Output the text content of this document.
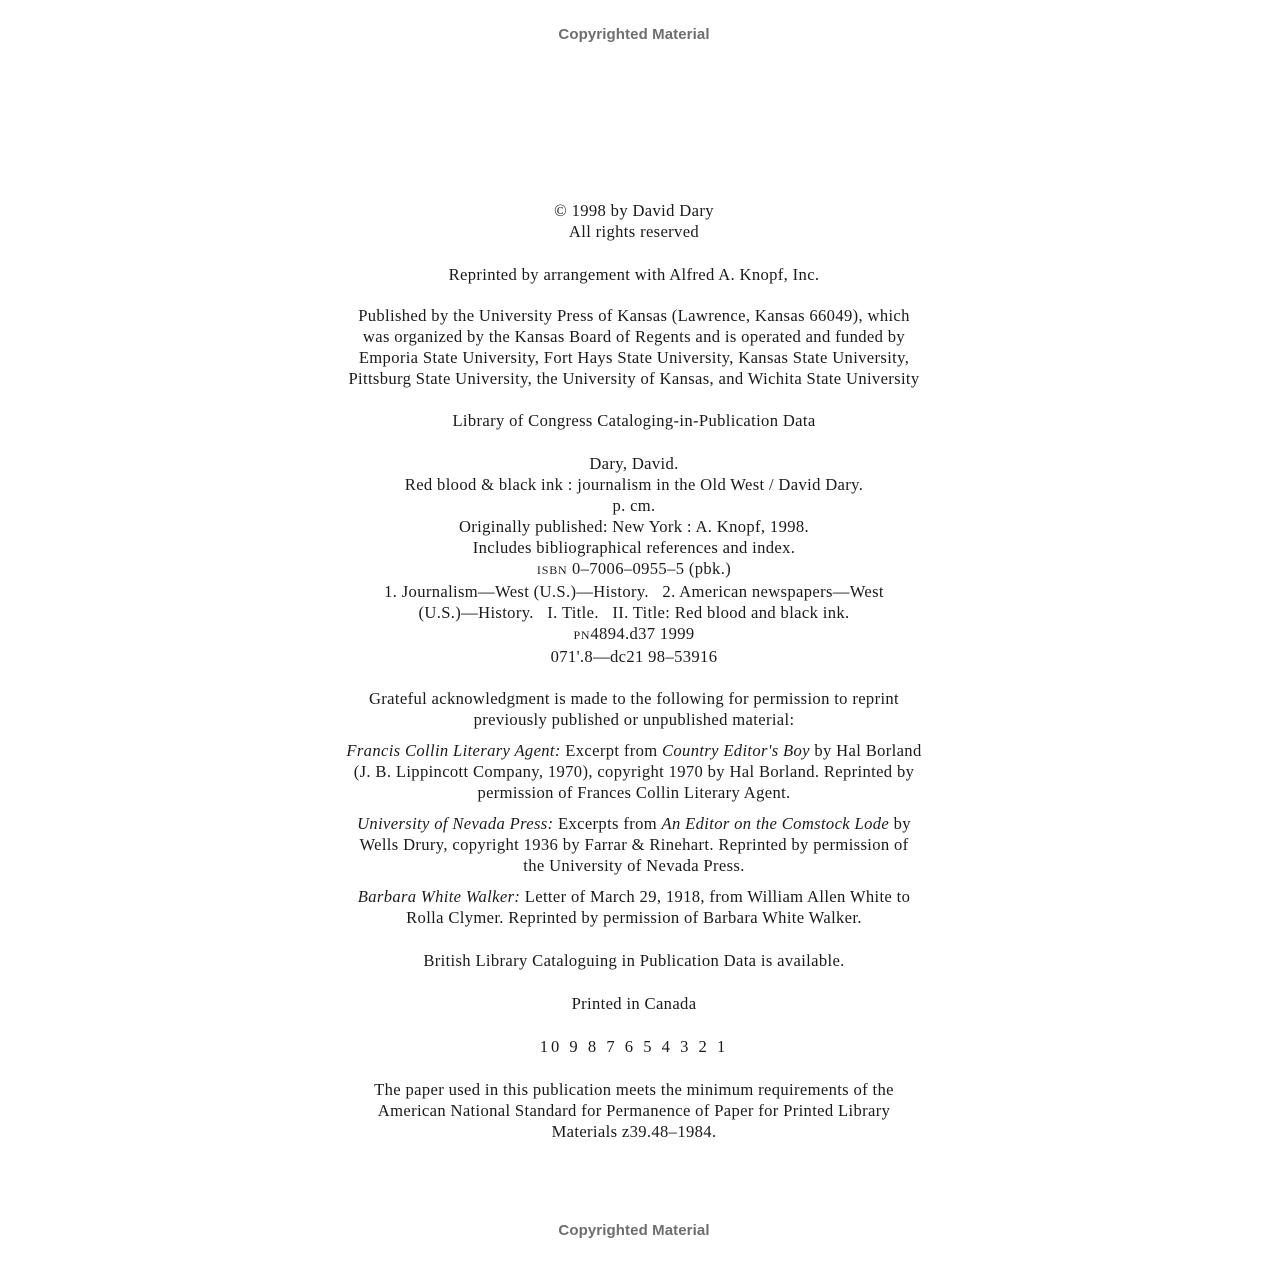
Copyrighted Material
© 1998 by David Dary
All rights reserved
Reprinted by arrangement with Alfred A. Knopf, Inc.
Published by the University Press of Kansas (Lawrence, Kansas 66049), which
was organized by the Kansas Board of Regents and is operated and funded by
Emporia State University, Fort Hays State University, Kansas State University,
Pittsburg State University, the University of Kansas, and Wichita State University
Library of Congress Cataloging-in-Publication Data
Dary, David.
Red blood & black ink : journalism in the Old West / David Dary.
p. cm.
Originally published: New York : A. Knopf, 1998.
Includes bibliographical references and index.
ISBN 0–7006–0955–5 (pbk.)
1. Journalism—West (U.S.)—History.   2. American newspapers—West
(U.S.)—History.   I. Title.   II. Title: Red blood and black ink.
PN4894.d37 1999
071'.8—dc21 98–53916
Grateful acknowledgment is made to the following for permission to reprint
previously published or unpublished material:
Francis Collin Literary Agent: Excerpt from Country Editor's Boy by Hal Borland
(J. B. Lippincott Company, 1970), copyright 1970 by Hal Borland. Reprinted by
permission of Frances Collin Literary Agent.
University of Nevada Press: Excerpts from An Editor on the Comstock Lode by
Wells Drury, copyright 1936 by Farrar & Rinehart. Reprinted by permission of
the University of Nevada Press.
Barbara White Walker: Letter of March 29, 1918, from William Allen White to
Rolla Clymer. Reprinted by permission of Barbara White Walker.
British Library Cataloguing in Publication Data is available.
Printed in Canada
10 9 8 7 6 5 4 3 2 1
The paper used in this publication meets the minimum requirements of the
American National Standard for Permanence of Paper for Printed Library
Materials z39.48–1984.
Copyrighted Material
